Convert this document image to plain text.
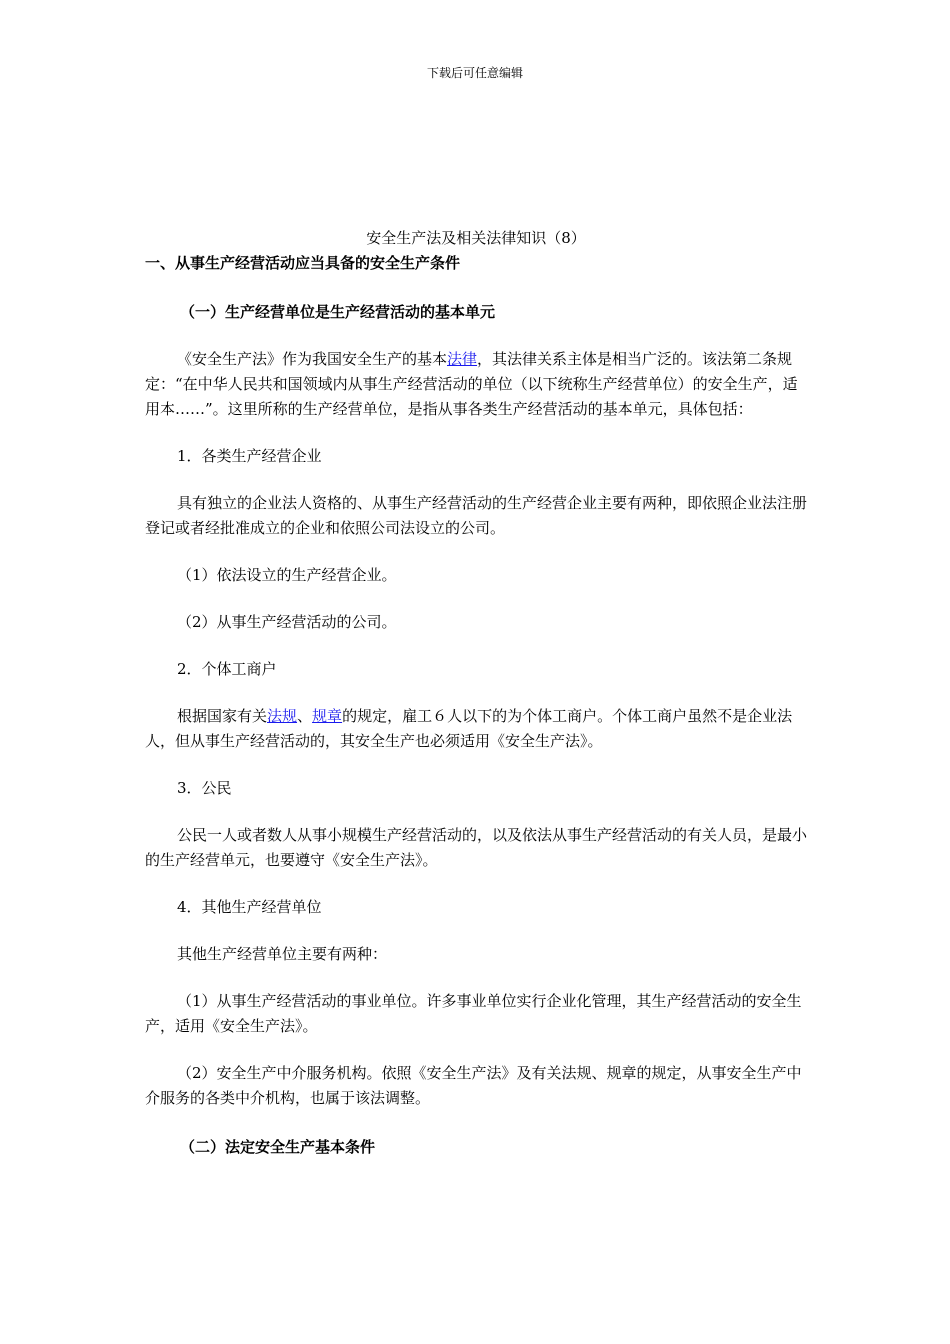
下载后可任意编辑

安全生产法及相关法律知识（8）

一、从事生产经营活动应当具备的安全生产条件

（一）生产经营单位是生产经营活动的基本单元

《安全生产法》作为我国安全生产的基本法律，其法律关系主体是相当广泛的。该法第二条规定：“在中华人民共和国领域内从事生产经营活动的单位（以下统称生产经营单位）的安全生产，适用本……”。这里所称的生产经营单位，是指从事各类生产经营活动的基本单元，具体包括：

1．各类生产经营企业

具有独立的企业法人资格的、从事生产经营活动的生产经营企业主要有两种，即依照企业法注册登记或者经批准成立的企业和依照公司法设立的公司。

（1）依法设立的生产经营企业。

（2）从事生产经营活动的公司。

2．个体工商户

根据国家有关法规、规章的规定，雇工６人以下的为个体工商户。个体工商户虽然不是企业法人，但从事生产经营活动的，其安全生产也必须适用《安全生产法》。

3．公民

公民一人或者数人从事小规模生产经营活动的，以及依法从事生产经营活动的有关人员，是最小的生产经营单元，也要遵守《安全生产法》。

4．其他生产经营单位

其他生产经营单位主要有两种：

（1）从事生产经营活动的事业单位。许多事业单位实行企业化管理，其生产经营活动的安全生产，适用《安全生产法》。

（2）安全生产中介服务机构。依照《安全生产法》及有关法规、规章的规定，从事安全生产中介服务的各类中介机构，也属于该法调整。

（二）法定安全生产基本条件
